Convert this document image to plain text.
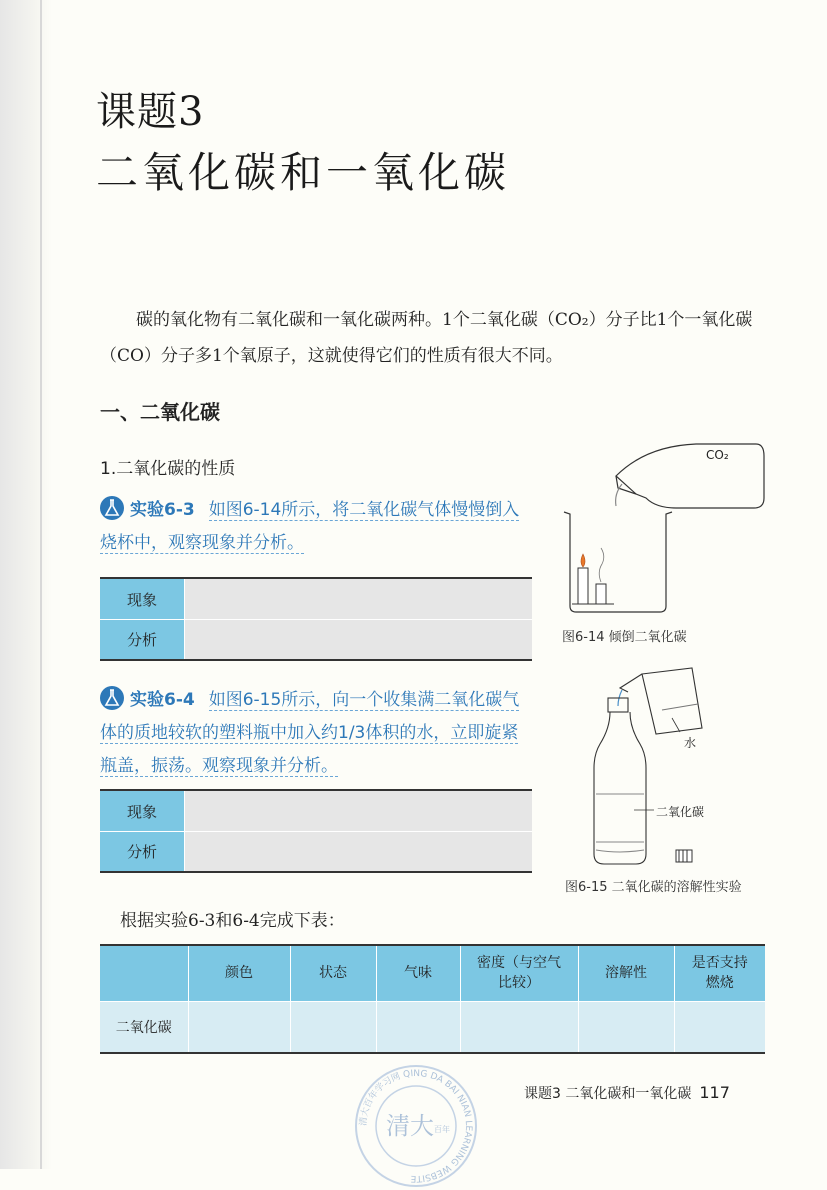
课题3
二氧化碳和一氧化碳

碳的氧化物有二氧化碳和一氧化碳两种。1个二氧化碳（CO₂）分子比1个一氧化碳（CO）分子多1个氧原子，这就使得它们的性质有很大不同。

一、二氧化碳
1.二氧化碳的性质
实验6-3 如图6-14所示，将二氧化碳气体慢慢倒入烧杯中，观察现象并分析。
现象
分析
实验6-4 如图6-15所示，向一个收集满二氧化碳气体的质地较软的塑料瓶中加入约1/3体积的水，立即旋紧瓶盖，振荡。观察现象并分析。
现象
分析
CO₂
图6-14 倾倒二氧化碳
水
二氧化碳
图6-15 二氧化碳的溶解性实验
根据实验6-3和6-4完成下表：
	颜色	状态	气味	密度（与空气比较）	溶解性	是否支持燃烧
二氧化碳						
清大百年学习网 QING DA BAI NIAN LEARNING WEBSITE
清大 百年
课题3 二氧化碳和一氧化碳 117
